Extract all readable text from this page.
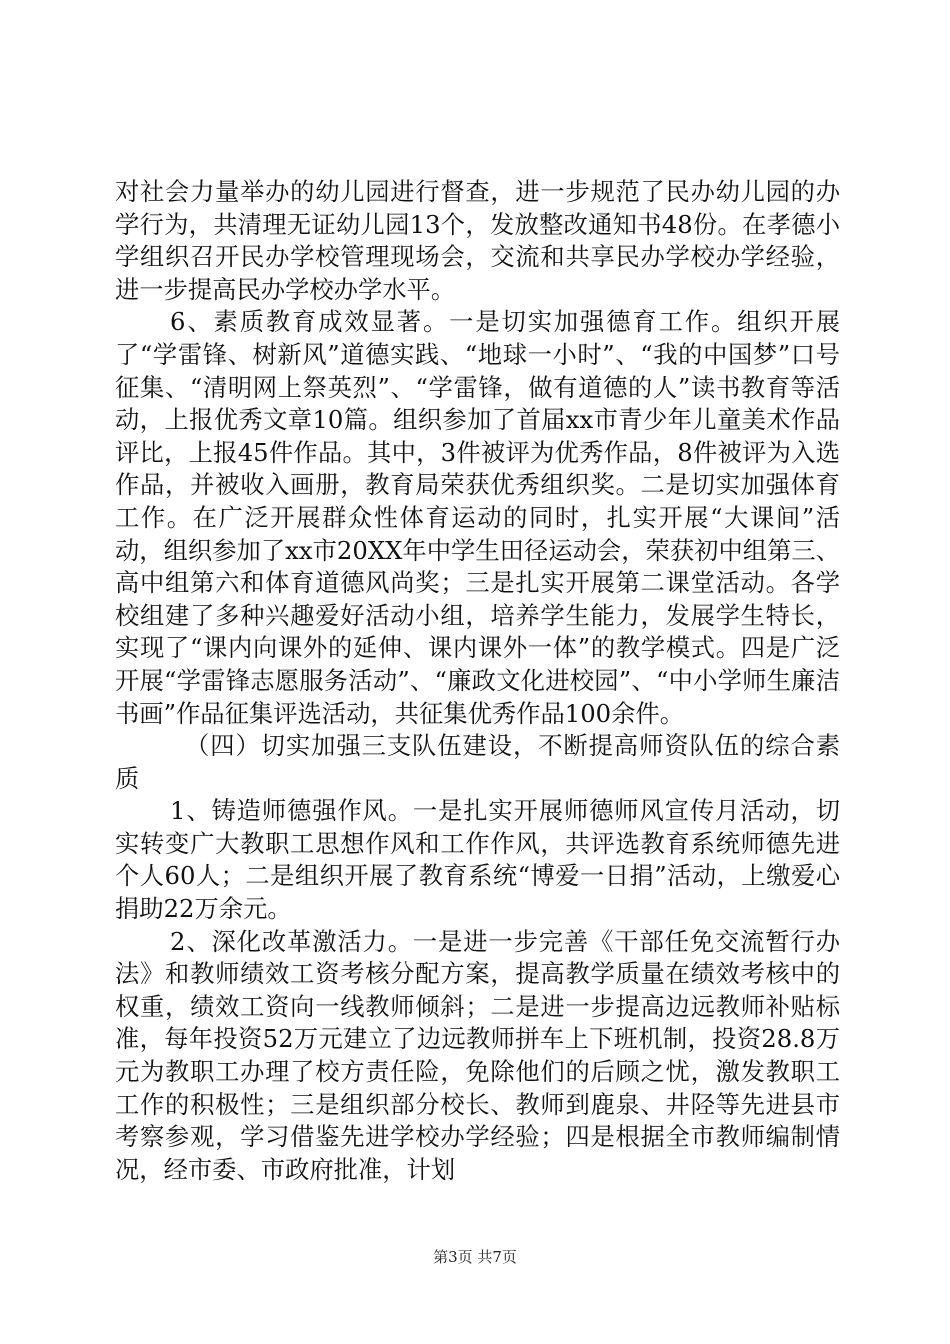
对社会力量举办的幼儿园进行督查，进一步规范了民办幼儿园的办学行为，共清理无证幼儿园13个，发放整改通知书48份。在孝德小学组织召开民办学校管理现场会，交流和共享民办学校办学经验，进一步提高民办学校办学水平。

6、素质教育成效显著。一是切实加强德育工作。组织开展了“学雷锋、树新风”道德实践、“地球一小时”、“我的中国梦”口号征集、“清明网上祭英烈”、“学雷锋，做有道德的人”读书教育等活动，上报优秀文章10篇。组织参加了首届xx市青少年儿童美术作品评比，上报45件作品。其中，3件被评为优秀作品，8件被评为入选作品，并被收入画册，教育局荣获优秀组织奖。二是切实加强体育工作。在广泛开展群众性体育运动的同时，扎实开展“大课间”活动，组织参加了xx市20XX年中学生田径运动会，荣获初中组第三、高中组第六和体育道德风尚奖；三是扎实开展第二课堂活动。各学校组建了多种兴趣爱好活动小组，培养学生能力，发展学生特长，实现了“课内向课外的延伸、课内课外一体”的教学模式。四是广泛开展“学雷锋志愿服务活动”、“廉政文化进校园”、“中小学师生廉洁书画”作品征集评选活动，共征集优秀作品100余件。

（四）切实加强三支队伍建设，不断提高师资队伍的综合素质

1、铸造师德强作风。一是扎实开展师德师风宣传月活动，切实转变广大教职工思想作风和工作作风，共评选教育系统师德先进个人60人；二是组织开展了教育系统“博爱一日捐”活动，上缴爱心捐助22万余元。

2、深化改革激活力。一是进一步完善《干部任免交流暂行办法》和教师绩效工资考核分配方案，提高教学质量在绩效考核中的权重，绩效工资向一线教师倾斜；二是进一步提高边远教师补贴标准，每年投资52万元建立了边远教师拼车上下班机制，投资28.8万元为教职工办理了校方责任险，免除他们的后顾之忧，激发教职工工作的积极性；三是组织部分校长、教师到鹿泉、井陉等先进县市考察参观，学习借鉴先进学校办学经验；四是根据全市教师编制情况，经市委、市政府批准，计划

第3页 共7页
